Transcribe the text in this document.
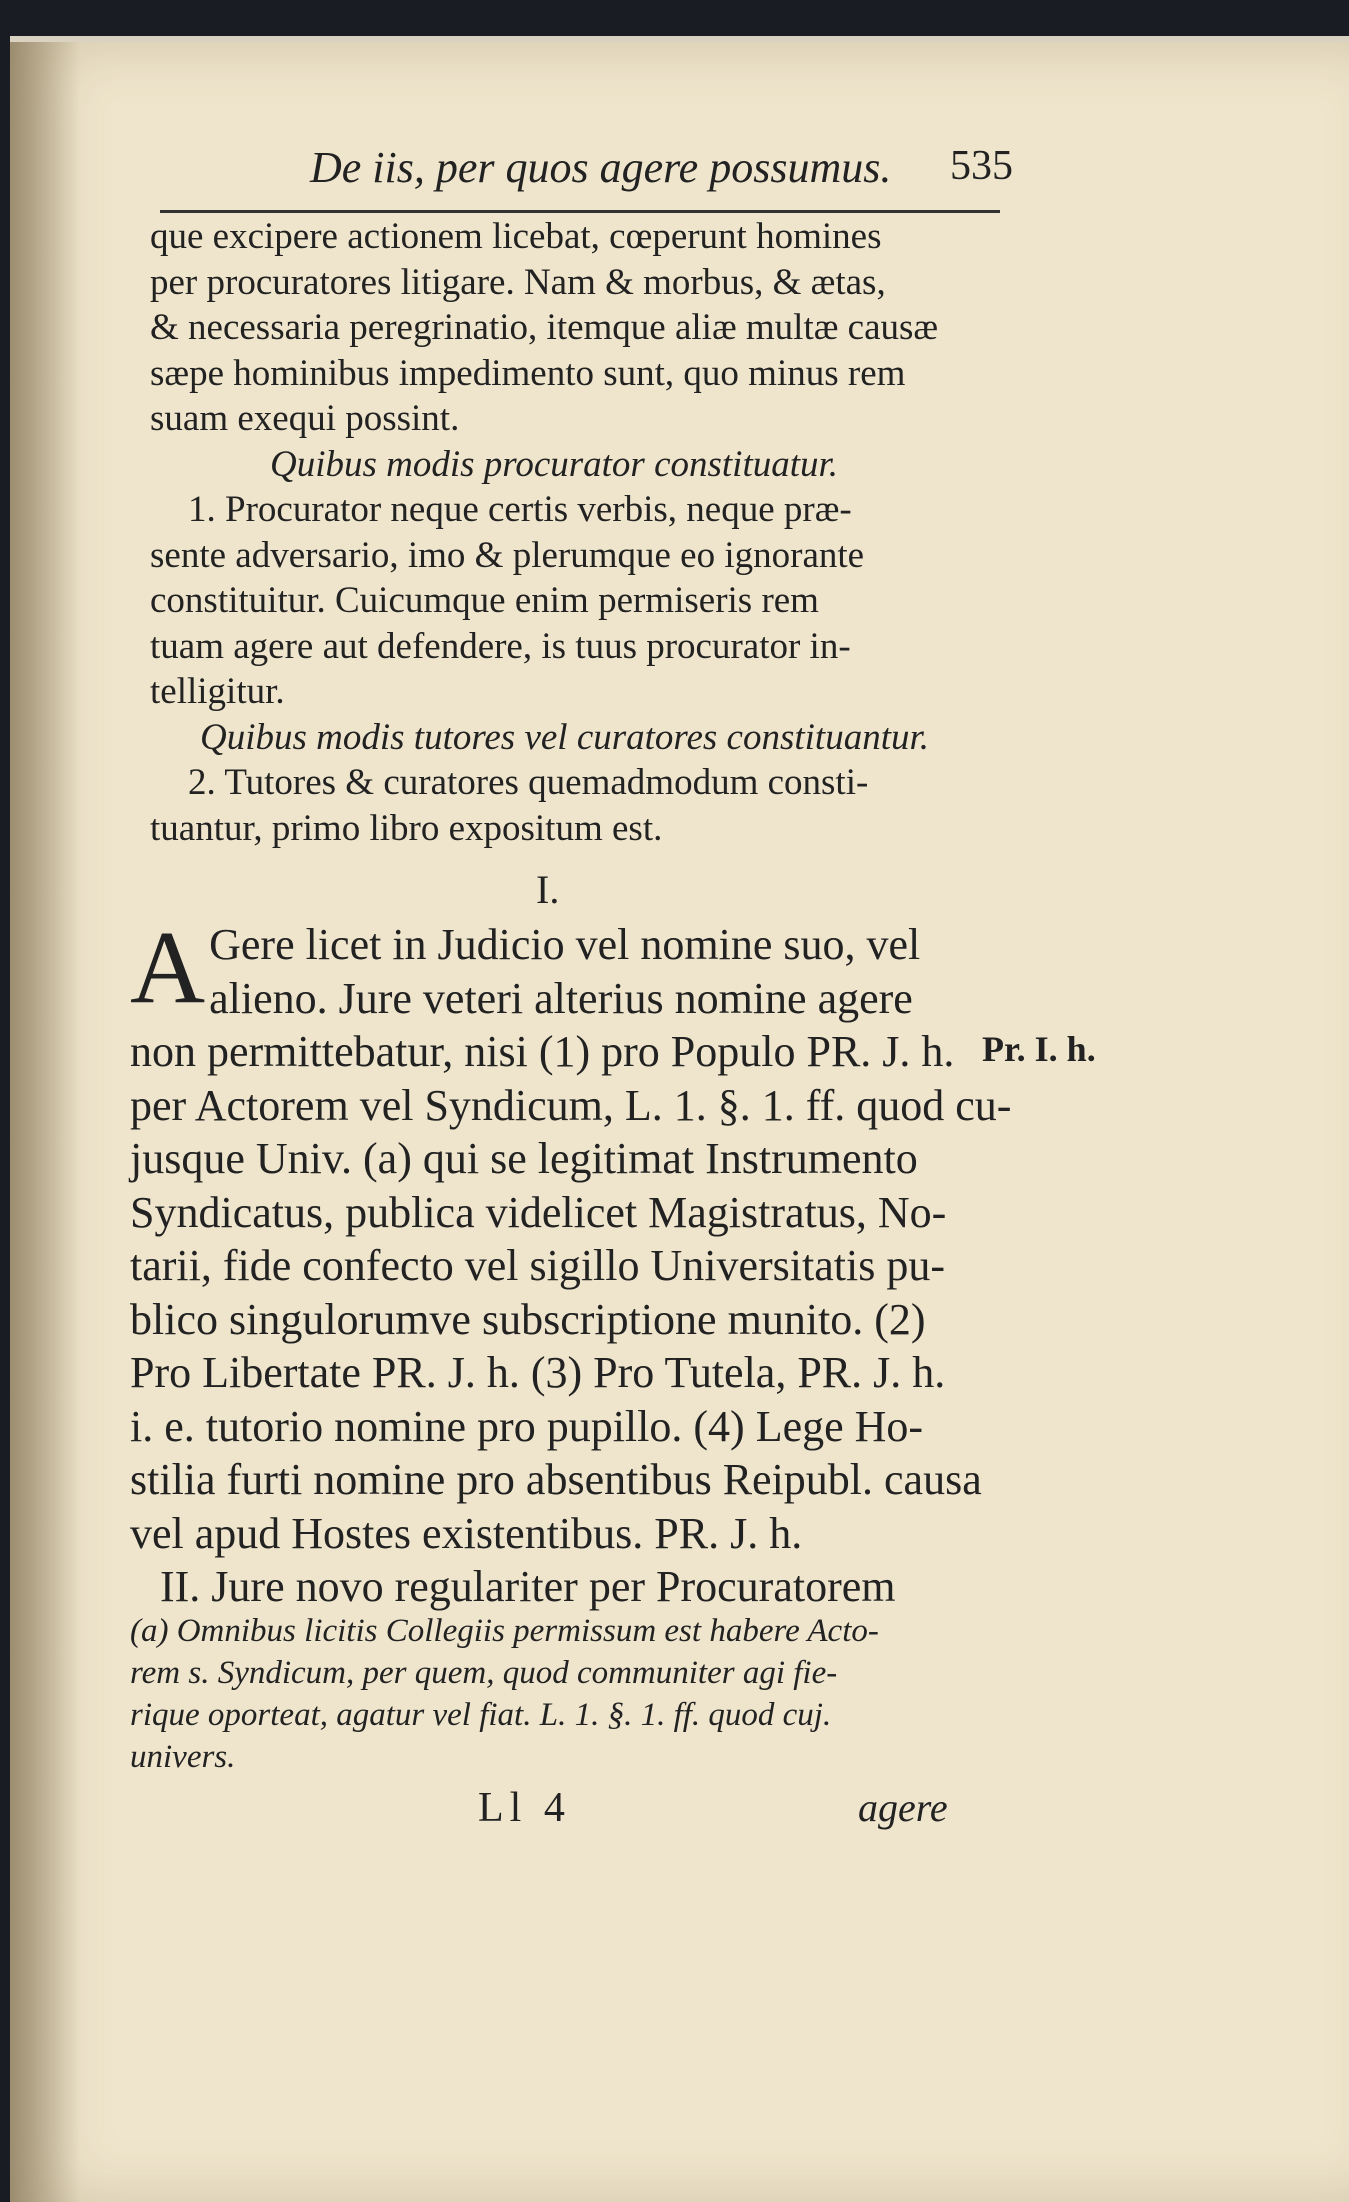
De iis, per quos agere possumus. 535
que excipere actionem licebat, cœperunt homines
per procuratores litigare. Nam & morbus, & ætas,
& necessaria peregrinatio, itemque aliæ multæ causæ
sæpe hominibus impedimento sunt, quo minus rem
suam exequi possint.
Quibus modis procurator constituatur.
1. Procurator neque certis verbis, neque præ-
sente adversario, imo & plerumque eo ignorante
constituitur. Cuicumque enim permiseris rem
tuam agere aut defendere, is tuus procurator in-
telligitur.
Quibus modis tutores vel curatores constituantur.
2. Tutores & curatores quemadmodum consti-
tuantur, primo libro expositum est.
I.
A Gere licet in Judicio vel nomine suo, vel
alieno. Jure veteri alterius nomine agere
non permittebatur, nisi (1) pro Populo PR. J. h.
per Actorem vel Syndicum, L. 1. §. 1. ff. quod cu-
jusque Univ. (a) qui se legitimat Instrumento
Syndicatus, publica videlicet Magistratus, No-
tarii, fide confecto vel sigillo Universitatis pu-
blico singulorumve subscriptione munito. (2)
Pro Libertate PR. J. h. (3) Pro Tutela, PR. J. h.
i. e. tutorio nomine pro pupillo. (4) Lege Ho-
stilia furti nomine pro absentibus Reipubl. causa
vel apud Hostes existentibus. PR. J. h.
II. Jure novo regulariter per Procuratorem
Pr. I. h.
(a) Omnibus licitis Collegiis permissum est habere Acto-
rem s. Syndicum, per quem, quod communiter agi fie-
rique oporteat, agatur vel fiat. L. 1. §. 1. ff. quod cuj.
univers.
Ll 4	agere
